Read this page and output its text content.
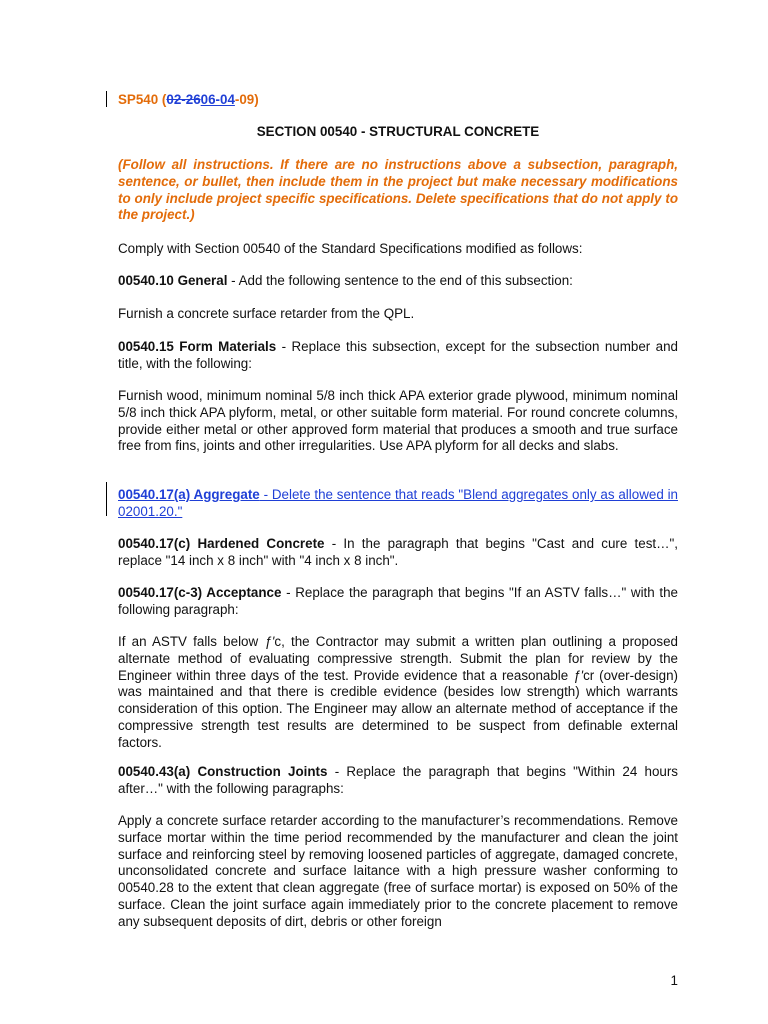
SP540 (02-2606-04-09)

SECTION 00540 - STRUCTURAL CONCRETE

(Follow all instructions. If there are no instructions above a subsection, paragraph, sentence, or bullet, then include them in the project but make necessary modifications to only include project specific specifications. Delete specifications that do not apply to the project.)

Comply with Section 00540 of the Standard Specifications modified as follows:

00540.10 General - Add the following sentence to the end of this subsection:

Furnish a concrete surface retarder from the QPL.

00540.15 Form Materials - Replace this subsection, except for the subsection number and title, with the following:

Furnish wood, minimum nominal 5/8 inch thick APA exterior grade plywood, minimum nominal 5/8 inch thick APA plyform, metal, or other suitable form material. For round concrete columns, provide either metal or other approved form material that produces a smooth and true surface free from fins, joints and other irregularities. Use APA plyform for all decks and slabs.

00540.17(a) Aggregate - Delete the sentence that reads "Blend aggregates only as allowed in 02001.20."

00540.17(c) Hardened Concrete - In the paragraph that begins "Cast and cure test…", replace "14 inch x 8 inch" with "4 inch x 8 inch".

00540.17(c-3) Acceptance - Replace the paragraph that begins "If an ASTV falls…" with the following paragraph:

If an ASTV falls below ƒ'c, the Contractor may submit a written plan outlining a proposed alternate method of evaluating compressive strength. Submit the plan for review by the Engineer within three days of the test. Provide evidence that a reasonable ƒ'cr (over-design) was maintained and that there is credible evidence (besides low strength) which warrants consideration of this option. The Engineer may allow an alternate method of acceptance if the compressive strength test results are determined to be suspect from definable external factors.

00540.43(a) Construction Joints - Replace the paragraph that begins "Within 24 hours after…" with the following paragraphs:

Apply a concrete surface retarder according to the manufacturer’s recommendations. Remove surface mortar within the time period recommended by the manufacturer and clean the joint surface and reinforcing steel by removing loosened particles of aggregate, damaged concrete, unconsolidated concrete and surface laitance with a high pressure washer conforming to 00540.28 to the extent that clean aggregate (free of surface mortar) is exposed on 50% of the surface. Clean the joint surface again immediately prior to the concrete placement to remove any subsequent deposits of dirt, debris or other foreign

1
